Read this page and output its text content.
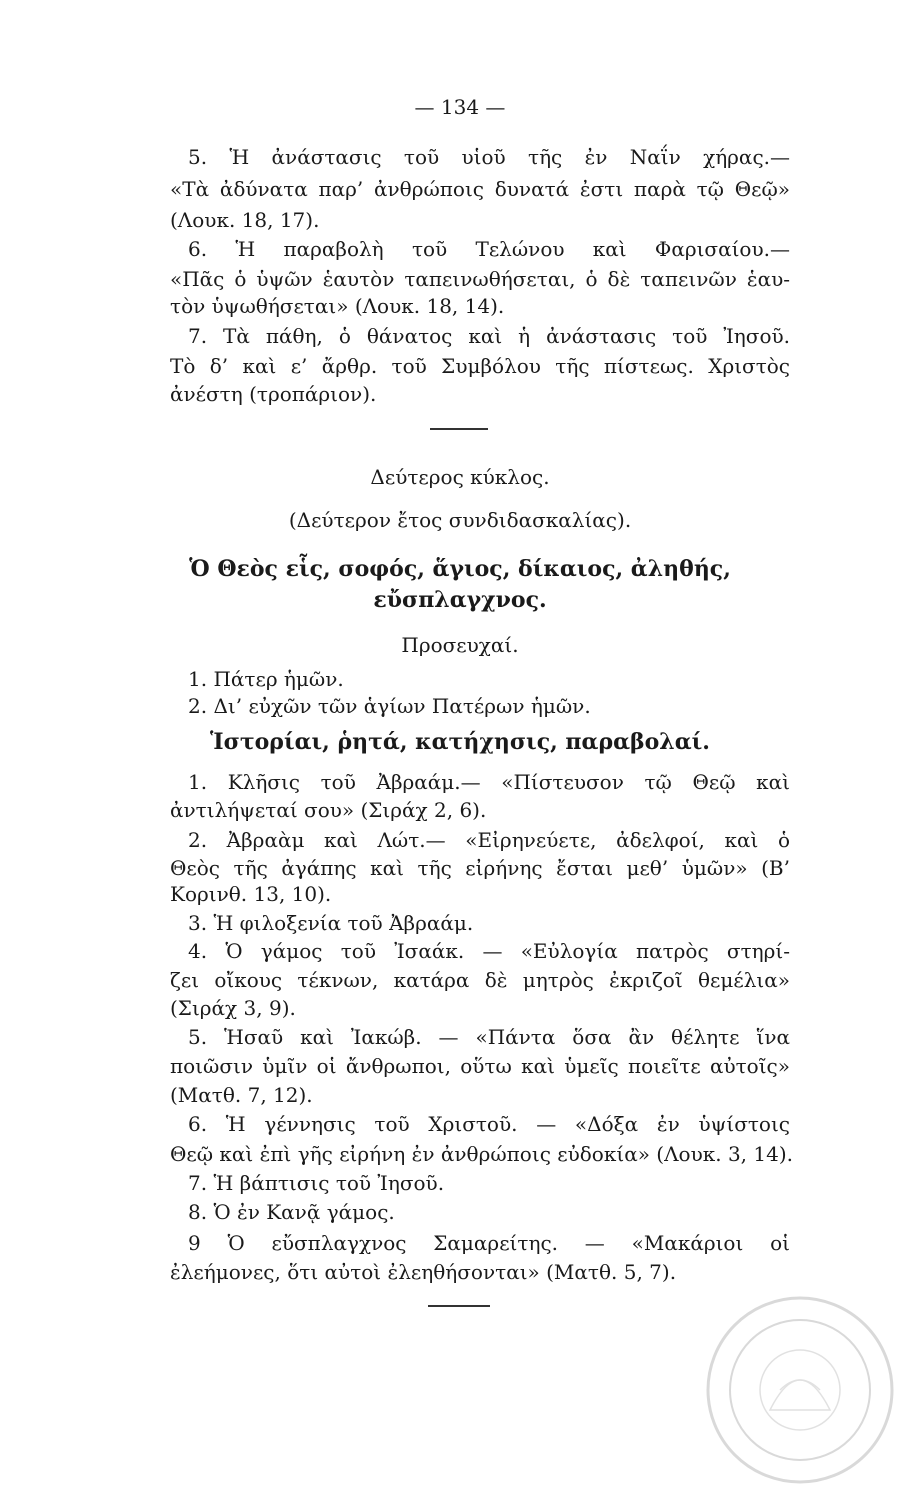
— 134 —
5. Ἡ ἀνάστασις τοῦ υἱοῦ τῆς ἐν Ναΐν χήρας.—
«Τὰ ἀδύνατα παρ’ ἀνθρώποις δυνατά ἐστι παρὰ τῷ Θεῷ»
(Λουκ. 18, 17).
6. Ἡ παραβολὴ τοῦ Τελώνου καὶ Φαρισαίου.—
«Πᾶς ὁ ὑψῶν ἑαυτὸν ταπεινωθήσεται, ὁ δὲ ταπεινῶν ἑαυ-
τὸν ὑψωθήσεται» (Λουκ. 18, 14).
7. Τὰ πάθη, ὁ θάνατος καὶ ἡ ἀνάστασις τοῦ Ἰησοῦ.
Τὸ δ’ καὶ ε’ ἄρθρ. τοῦ Συμβόλου τῆς πίστεως. Χριστὸς
ἀνέστη (τροπάριον).
Δεύτερος κύκλος.
(Δεύτερον ἔτος συνδιδασκαλίας).
Ὁ Θεὸς εἷς, σοφός, ἅγιος, δίκαιος, ἀληθής,
εὔσπλαγχνος.
Προσευχαί.
1. Πάτερ ἡμῶν.
2. Δι’ εὐχῶν τῶν ἁγίων Πατέρων ἡμῶν.
Ἱστορίαι, ῥητά, κατήχησις, παραβολαί.
1. Κλῆσις τοῦ Ἀβραάμ.— «Πίστευσον τῷ Θεῷ καὶ
ἀντιλήψεταί σου» (Σιράχ 2, 6).
2. Ἀβραὰμ καὶ Λώτ.— «Εἰρηνεύετε, ἀδελφοί, καὶ ὁ
Θεὸς τῆς ἀγάπης καὶ τῆς εἰρήνης ἔσται μεθ’ ὑμῶν» (Β’
Κορινθ. 13, 10).
3. Ἡ φιλοξενία τοῦ Ἀβραάμ.
4. Ὁ γάμος τοῦ Ἰσαάκ. — «Εὐλογία πατρὸς στηρί-
ζει οἴκους τέκνων, κατάρα δὲ μητρὸς ἐκριζοῖ θεμέλια»
(Σιράχ 3, 9).
5. Ἡσαῦ καὶ Ἰακώβ. — «Πάντα ὅσα ἂν θέλητε ἵνα
ποιῶσιν ὑμῖν οἱ ἄνθρωποι, οὕτω καὶ ὑμεῖς ποιεῖτε αὐτοῖς»
(Ματθ. 7, 12).
6. Ἡ γέννησις τοῦ Χριστοῦ. — «Δόξα ἐν ὑψίστοις
Θεῷ καὶ ἐπὶ γῆς εἰρήνη ἐν ἀνθρώποις εὐδοκία» (Λουκ. 3, 14).
7. Ἡ βάπτισις τοῦ Ἰησοῦ.
8. Ὁ ἐν Κανᾷ γάμος.
9 Ὁ εὔσπλαγχνος Σαμαρείτης. — «Μακάριοι οἱ
ἐλεήμονες, ὅτι αὐτοὶ ἐλεηθήσονται» (Ματθ. 5, 7).
